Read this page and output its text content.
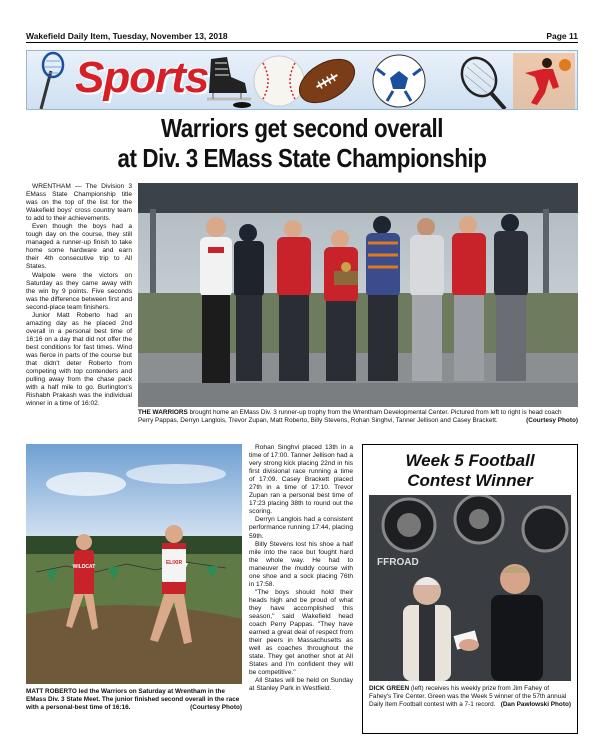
Wakefield Daily Item, Tuesday, November 13, 2018	Page 11
Sports
Warriors get second overall
at Div. 3 EMass State Championship

WRENTHAM — The Division 3 EMass State Championship title was on the top of the list for the Wakefield boys' cross country team to add to their achievements.

Even though the boys had a tough day on the course, they still managed a runner-up finish to take home some hardware and earn their 4th consecutive trip to All States.

Walpole were the victors on Saturday as they came away with the win by 9 points. Five seconds was the difference between first and second-place team finishers.

Junior Matt Roberto had an amazing day as he placed 2nd overall in a personal best time of 16:16 on a day that did not offer the best conditions for fast times. Wind was fierce in parts of the course but that didn't deter Roberto from competing with top contenders and pulling away from the chase pack with a half mile to go. Burlington's Rishabh Prakash was the individual winner in a time of 16:02.

THE WARRIORS brought home an EMass Div. 3 runner-up trophy from the Wrentham Developmental Center. Pictured from left to right is head coach Perry Pappas, Derryn Langlois, Trevor Zupan, Matt Roberto, Billy Stevens, Rohan Singhvi, Tanner Jellison and Casey Brackett.	(Courtesy Photo)
WILDCAT
ELIXIR
MATT ROBERTO led the Warriors on Saturday at Wrentham in the EMass Div. 3 State Meet. The junior finished second overall in the race with a personal-best time of 16:16.	(Courtesy Photo)

Rohan Singhvi placed 13th in a time of 17:00. Tanner Jellison had a very strong kick placing 22nd in his first divisional race running a time of 17:09. Casey Brackett placed 27th in a time of 17:10. Trevor Zupan ran a personal best time of 17:23 placing 38th to round out the scoring.

Derryn Langlois had a consistent performance running 17:44, placing 59th.

Billy Stevens lost his shoe a half mile into the race but fought hard the whole way. He had to maneuver the muddy course with one shoe and a sock placing 76th in 17:58.

"The boys should hold their heads high and be proud of what they have accomplished this season," said Wakefield head coach Perry Pappas. "They have earned a great deal of respect from their peers in Massachusetts as well as coaches throughout the state. They get another shot at All States and I'm confident they will be competitive."

All States will be held on Sunday at Stanley Park in Westfield.

Week 5 Football
Contest Winner
FFROAD
DICK GREEN (left) receives his weekly prize from Jim Fahey of Fahey's Tire Center. Green was the Week 5 winner of the 57th annual Daily Item Football contest with a 7-1 record. (Dan Pawlowski Photo)
